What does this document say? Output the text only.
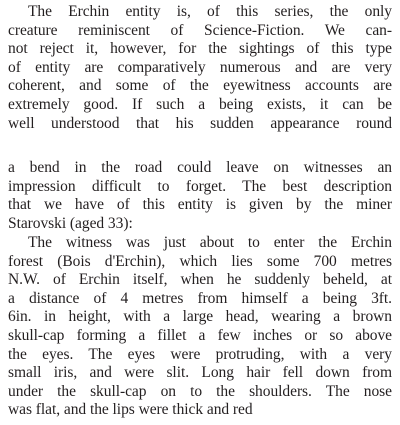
The Erchin entity is, of this series, the only
creature reminiscent of Science-Fiction. We can-
not reject it, however, for the sightings of this type
of entity are comparatively numerous and are very
coherent, and some of the eyewitness accounts are
extremely good. If such a being exists, it can be
well understood that his sudden appearance round
a bend in the road could leave on witnesses an
impression difficult to forget. The best description
that we have of this entity is given by the miner
Starovski (aged 33):
The witness was just about to enter the Erchin
forest (Bois d'Erchin), which lies some 700 metres
N.W. of Erchin itself, when he suddenly beheld, at
a distance of 4 metres from himself a being 3ft.
6in. in height, with a large head, wearing a brown
skull-cap forming a fillet a few inches or so above
the eyes. The eyes were protruding, with a very
small iris, and were slit. Long hair fell down from
under the skull-cap on to the shoulders. The nose
was flat, and the lips were thick and red
